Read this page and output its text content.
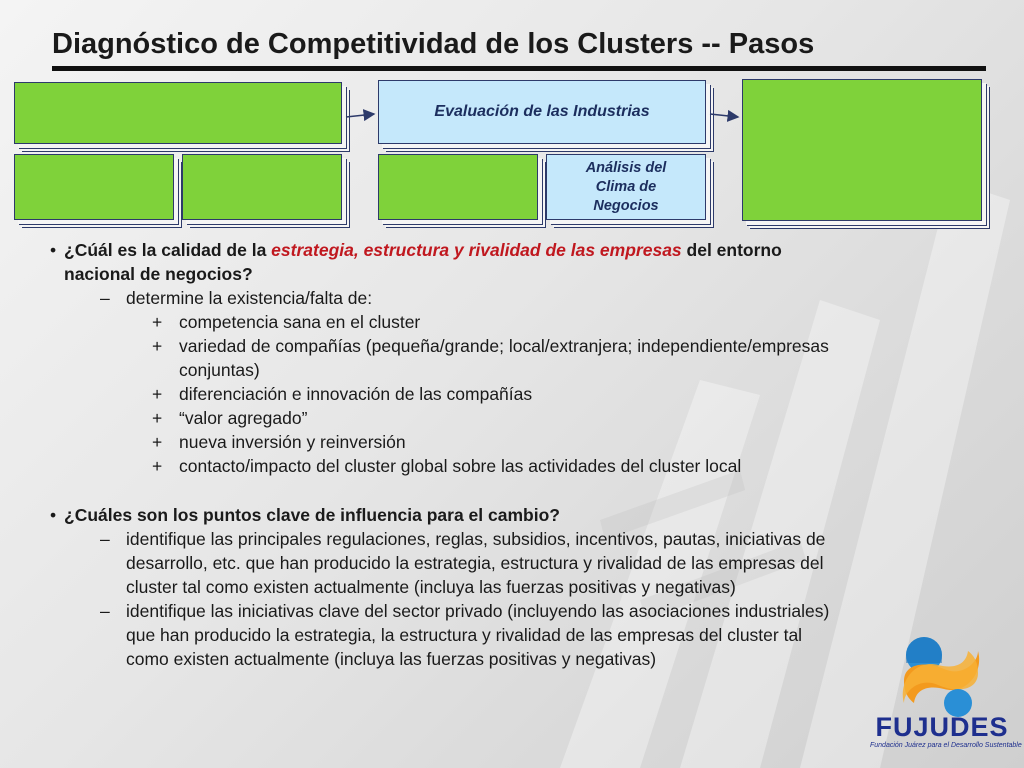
Diagnóstico de Competitividad de los Clusters -- Pasos
Evaluación de las Industrias
Análisis del Clima de Negocios
• ¿Cúál es la calidad de la estrategia, estructura y rivalidad de las empresas del entorno
nacional de negocios?
– determine la existencia/falta de:
+ competencia sana en el cluster
+ variedad de compañías (pequeña/grande; local/extranjera; independiente/empresas
conjuntas)
+ diferenciación e innovación de las compañías
+ “valor agregado”
+ nueva inversión y reinversión
+ contacto/impacto del cluster global sobre las actividades del cluster local
• ¿Cuáles son los puntos clave de influencia para el cambio?
– identifique las principales regulaciones, reglas, subsidios, incentivos, pautas, iniciativas de
desarrollo, etc. que han producido la estrategia, estructura y rivalidad de las empresas del
cluster tal como existen actualmente (incluya las fuerzas positivas y negativas)
– identifique las iniciativas clave del sector privado (incluyendo las asociaciones industriales)
que han producido la estrategia, la estructura y rivalidad de las empresas del cluster tal
como existen actualmente (incluya las fuerzas positivas y negativas)
FUJUDES
Fundación Juárez para el Desarrollo Sustentable
